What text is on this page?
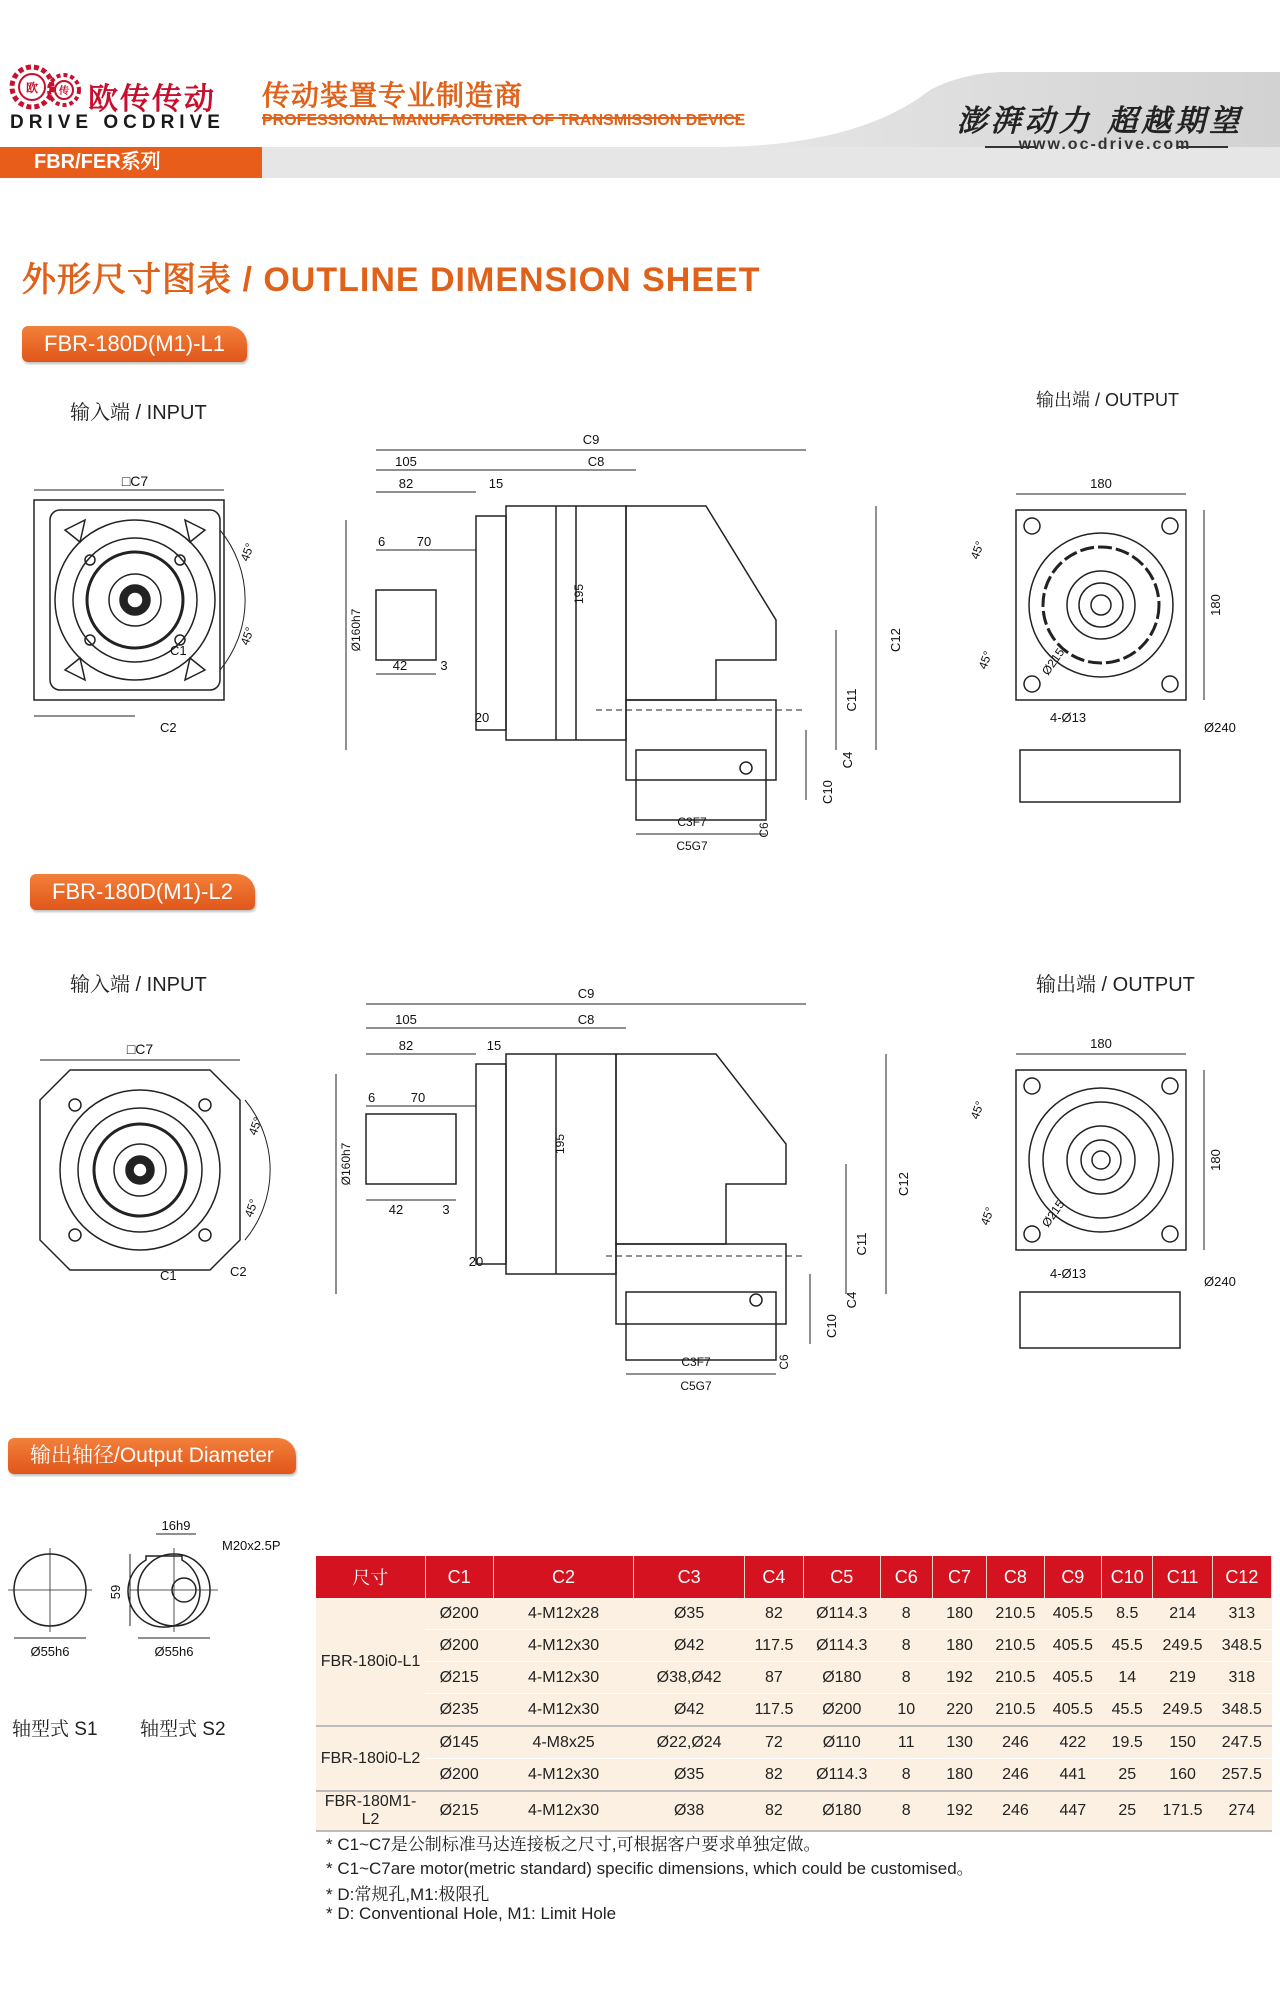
欧 传 欧传传动
DRIVE OCDRIVE
传动装置专业制造商
PROFESSIONAL MANUFACTURER OF TRANSMISSION DEVICE	澎湃动力 超越期望
www.oc-drive.com
FBR/FER系列
外形尺寸图表 / OUTLINE DIMENSION SHEET
FBR-180D(M1)-L1
输入端 / INPUT
输出端 / OUTPUT
□C7
C1
C2
45°
45°
C9
C8
105
82	15
6 70
Ø160h7
195
42	3
20
C12
C11
C4
C10
C3F7
C6
C5G7
180
180
45°
45°	Ø215
4-Ø13
Ø240
FBR-180D(M1)-L2
输入端 / INPUT	输出端 / OUTPUT
□C7
C1	C2
45°
45°
C9
C8
105
82	15
6	70
Ø160h7	195
42	3
20
C12
C11
C4
C10
C3F7	C6
C5G7
180
180
45°
45°	Ø215
4-Ø13
Ø240
输出轴径/Output Diameter
Ø55h6	Ø55h6
16h9
M20x2.5P
59
轴型式 S1 轴型式 S2
尺寸	C1	C2	C3	C4	C5	C6	C7	C8	C9	C10	C11	C12
FBR-180i0-L1	Ø200	4-M12x28	Ø35	82	Ø114.3	8	180	210.5	405.5	8.5	214	313
	Ø200	4-M12x30	Ø42	117.5	Ø114.3	8	180	210.5	405.5	45.5	249.5	348.5
	Ø215	4-M12x30	Ø38,Ø42	87	Ø180	8	192	210.5	405.5	14	219	318
	Ø235	4-M12x30	Ø42	117.5	Ø200	10	220	210.5	405.5	45.5	249.5	348.5
FBR-180i0-L2	Ø145	4-M8x25	Ø22,Ø24	72	Ø110	11	130	246	422	19.5	150	247.5
	Ø200	4-M12x30	Ø35	82	Ø114.3	8	180	246	441	25	160	257.5
FBR-180M1-L2	Ø215	4-M12x30	Ø38	82	Ø180	8	192	246	447	25	171.5	274
* C1~C7是公制标准马达连接板之尺寸,可根据客户要求单独定做。
* C1~C7are motor(metric standard) specific dimensions, which could be customised。
* D:常规孔,M1:极限孔
* D: Conventional Hole, M1: Limit Hole
